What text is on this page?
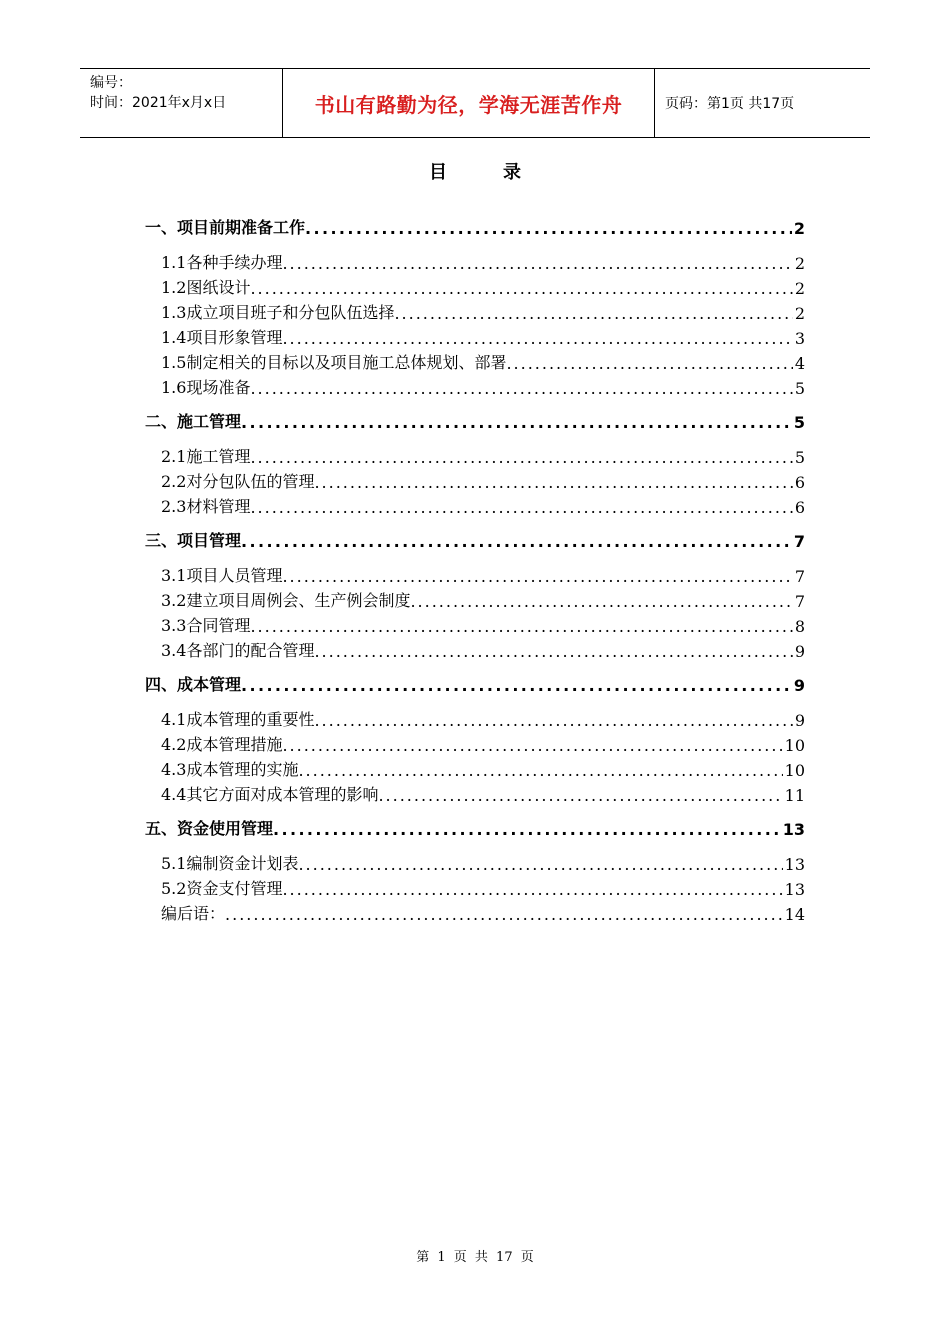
编号：
时间：2021年x月x日	书山有路勤为径，学海无涯苦作舟	页码：第1页 共17页
目录
一、项目前期准备工作 .....	2
1.1各种手续办理 .....	2
1.2图纸设计 .....	2
1.3成立项目班子和分包队伍选择 .....	2
1.4项目形象管理 .....	3
1.5制定相关的目标以及项目施工总体规划、部署 .....	4
1.6现场准备 .....	5
二、施工管理 .....	5
2.1施工管理 .....	5
2.2对分包队伍的管理 .....	6
2.3材料管理 .....	6
三、项目管理 .....	7
3.1项目人员管理 .....	7
3.2建立项目周例会、生产例会制度 .....	7
3.3合同管理 .....	8
3.4各部门的配合管理 .....	9
四、成本管理 .....	9
4.1成本管理的重要性 .....	9
4.2成本管理措施 .....	10
4.3成本管理的实施 .....	10
4.4其它方面对成本管理的影响 .....	11
五、资金使用管理 .....	13
5.1编制资金计划表 .....	13
5.2资金支付管理 .....	13
编后语： .....	14
第 1 页 共 17 页
